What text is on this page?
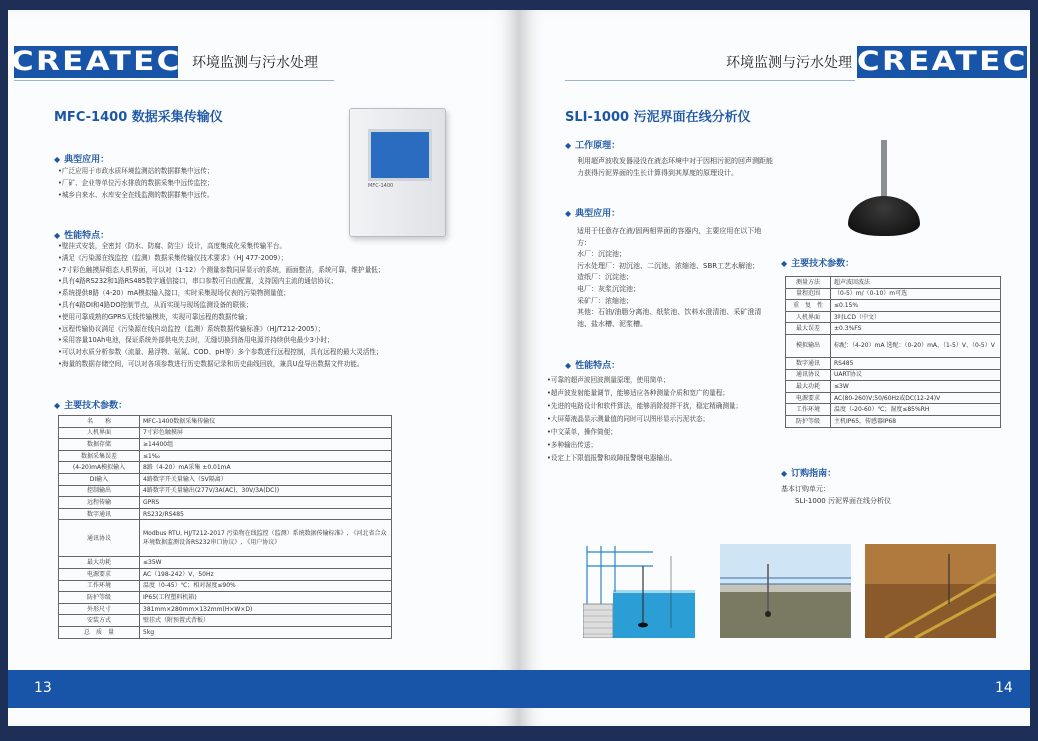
CREATEC 环境监测与污水处理
MFC-1400 数据采集传输仪
MFC-1400
◆ 典型应用：
• 广泛应用于市政水质环境监测站的数据群集中远传；
• 厂矿、企业等单位污水排放的数据采集中远传监控；
• 城乡自来水、水库安全在线监测的数据群集中远传。
◆ 性能特点：
• 壁挂式安装，全密封（防水、防腐、防尘）设计，高度集成化采集传输平台。
• 满足《污染源在线监控（监测）数据采集传输仪技术要求》（HJ 477-2009）；
• 7寸彩色触摸屏组态人机界面，可以对（1-12）个测量参数同屏显示的系统，画面整洁，系统可靠，维护量低；
• 具有4路RS232和1路RS485数字通信接口，串口参数可自由配置，支持国内主流的通信协议；
• 系统提供8路（4-20）mA模拟输入接口，实时采集现场仪表的污染物测量值；
• 具有4路DI和4路DO控制节点，从而实现与现场监测设备的联锁；
• 使用可靠成熟的GPRS无线传输模块，实现可靠远程的数据传输；
• 远程传输协议满足《污染源在线自动监控（监测）系统数据传输标准》（HJ/T212-2005）；
• 采用容量10Ah电池，保证系统外部供电失去时，无缝切换到备用电源并持续供电最少3小时；
• 可以对水质分析参数（流量、悬浮物、氨氮、COD、pH等）多个参数进行远程控制，具有远程的最大灵活性；
• 海量的数据存储空间，可以对各项参数进行历史数据记录和历史曲线回放，兼具U盘导出数据文件功能。
◆ 主要技术参数：
名　　称	MFC-1400数据采集传输仪
人机界面	7寸彩色触摸屏
数据存储	≥14400组
数据采集误差	≤1‰
(4-20)mA模拟输入	8路（4-20）mA采集 ±0.01mA
DI输入	4路数字开关量输入（5V隔离）
控制输出	4路数字开关量输出(277V/3A(AC)、30V/3A(DC))
远程传输	GPRS
数字通讯	RS232/RS485
通讯协议	Modbus RTU, HJ/T212-2017 污染物在线监控（监测）系统数据传输标准》, 《河北省合众环境数据监测设备RS232串口协议》, 《用户协议》
最大功耗	≤35W
电源要求	AC（198-242）V，50Hz
工作环境	温度（0-45）℃；相对湿度≤90%
防护等级	IP65(工程塑料机箱)
外形尺寸	381mm×280mm×132mm(H×W×D)
安装方式	壁挂式（附预置式背板）
总　质　量	5kg
13
环境监测与污水处理 CREATEC
SLI-1000 污泥界面在线分析仪
◆ 工作原理：
利用超声波收发器浸没在液态环境中对于因相污泥的回声测距能力获得污泥界面的生长计算得到其厚度的原理设计。
◆ 典型应用：

适用于任意存在液/固两相界面的容器内，主要应用在以下地方：

水厂：沉淀池；

污水处理厂：初沉池、二沉池、浓缩池、SBR工艺水解池；

造纸厂：沉淀池；

电厂：灰浆沉淀池；

采矿厂：浓缩池；

其他：石油/油脂分离池、纸浆池、饮料水澄清池、采矿澄清池、盐水槽、泥浆槽。

◆ 性能特点：
• 可靠的超声波回波测量原理，使用简单；
• 超声波发射能量调节，能够适应各种测量介质和宽广的量程；
• 先进的电路设计和软件算法，能够消除搅拌干扰，稳定精确测量；
• 大屏幕液晶显示测量值的同时可以图形显示污泥状态；
• 中文菜单，操作简便；
• 多种输出传送；
• 设定上下限值报警和故障报警继电器输出。
◆ 主要技术参数：
测量方法	超声波回波法
量程范围	（0-5）m/（0-10）m可选
重　复　性	≤0.15%
人机界面	3吋LCD（中文）
最大误差	±0.3%FS
模拟输出	标配：（4-20）mA 选配：（0-20）mA、（1-5）V、（0-5）V
数字通讯	RS485
通讯协议	UART协议
最大功耗	≤3W
电源要求	AC(80-260)V;50/60Hz或DC(12-24)V
工作环境	温度（-20-60）℃；湿度≤85%RH
防护等级	主机IP65，传感器IP68
◆ 订购指南：

基本订购单元：

SLI-1000 污泥界面在线分析仪

14
